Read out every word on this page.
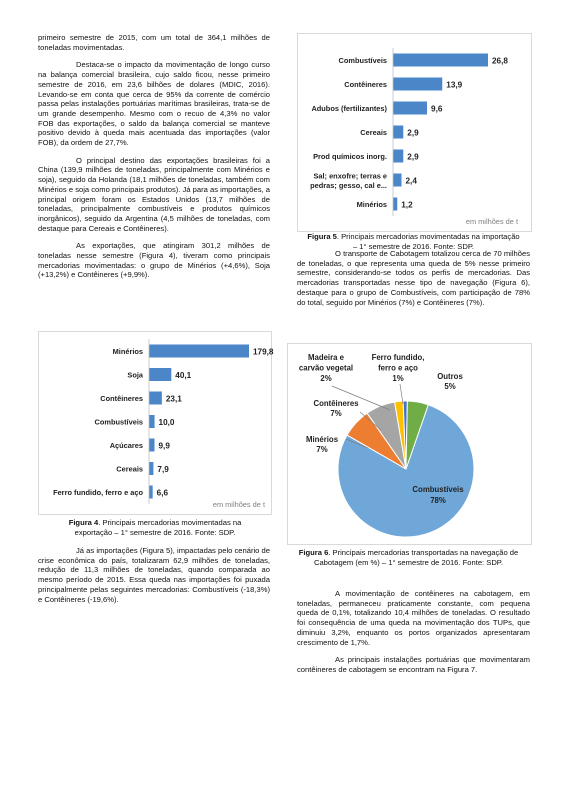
primeiro semestre de 2015, com um total de 364,1 milhões de toneladas movimentadas.

Destaca-se o impacto da movimentação de longo curso na balança comercial brasileira, cujo saldo ficou, nesse primeiro semestre de 2016, em 23,6 bilhões de dolares (MDIC, 2016). Levando-se em conta que cerca de 95% da corrente de comércio passa pelas instalações portuárias marítimas brasileiras, trata-se de um grande desempenho. Mesmo com o recuo de 4,3% no valor FOB das exportações, o saldo da balança comercial se manteve positivo devido à queda mais acentuada das importações (valor FOB), da ordem de 27,7%.

O principal destino das exportações brasileiras foi a China (139,9 milhões de toneladas, principalmente com Minérios e soja), seguido da Holanda (18,1 milhões de toneladas, também com Minérios e soja como principais produtos). Já para as importações, a principal origem foram os Estados Unidos (13,7 milhões de toneladas, principalmente combustíveis e produtos químicos inorgânicos), seguido da Argentina (4,5 milhões de toneladas, com destaque para Cereais e Contêineres).

As exportações, que atingiram 301,2 milhões de toneladas nesse semestre (Figura 4), tiveram como principais mercadorias movimentadas: o grupo de Minérios (+4,6%), Soja (+13,2%) e Contêineres (+9,9%).

Minérios	179,8
Soja	40,1
Contêineres	23,1
Combustíveis 10,0
Açúcares 9,9
Cereais 7,9
Ferro fundido, ferro e aço 6,6
em milhões de t
Figura 4. Principais mercadorias movimentadas na exportação – 1° semestre de 2016. Fonte: SDP.

Já as importações (Figura 5), impactadas pelo cenário de crise econômica do país, totalizaram 62,9 milhões de toneladas, redução de 11,3 milhões de toneladas, quando comparada ao mesmo período de 2015. Essa queda nas importações foi puxada principalmente pelas seguintes mercadorias: Combustíveis (-18,3%) e Contêineres (-19,6%).

Combustíveis	26,8
Contêineres	13,9
Adubos (fertilizantes)	9,6
Cereais 2,9
Prod químicos inorg. 2,9
Sal; enxofre; terras e
pedras; gesso, cal e... 2,4
Minérios 1,2
em milhões de t
Figura 5. Principais mercadorias movimentadas na importação – 1° semestre de 2016. Fonte: SDP.

O transporte de Cabotagem totalizou cerca de 70 milhões de toneladas, o que representa uma queda de 5% nesse primeiro semestre, considerando-se todos os perfis de mercadorias. Das mercadorias transportadas nesse tipo de navegação (Figura 6), destaque para o grupo de Combustíveis, com participação de 78% do total, seguido por Minérios (7%) e Contêineres (7%).

Combustíveis
78%
Minérios
7%
Contêineres
7%
Madeira e
carvão vegetal
2%
Ferro fundido,
ferro e aço
1%	Outros
5%
Figura 6. Principais mercadorias transportadas na navegação de Cabotagem (em %) – 1° semestre de 2016. Fonte: SDP.

A movimentação de contêineres na cabotagem, em toneladas, permaneceu praticamente constante, com pequena queda de 0,1%, totalizando 10,4 milhões de toneladas. O resultado foi consequência de uma queda na movimentação dos TUPs, que diminuiu 3,2%, enquanto os portos organizados apresentaram crescimento de 1,7%.

As principais instalações portuárias que movimentaram contêineres de cabotagem se encontram na Figura 7.
